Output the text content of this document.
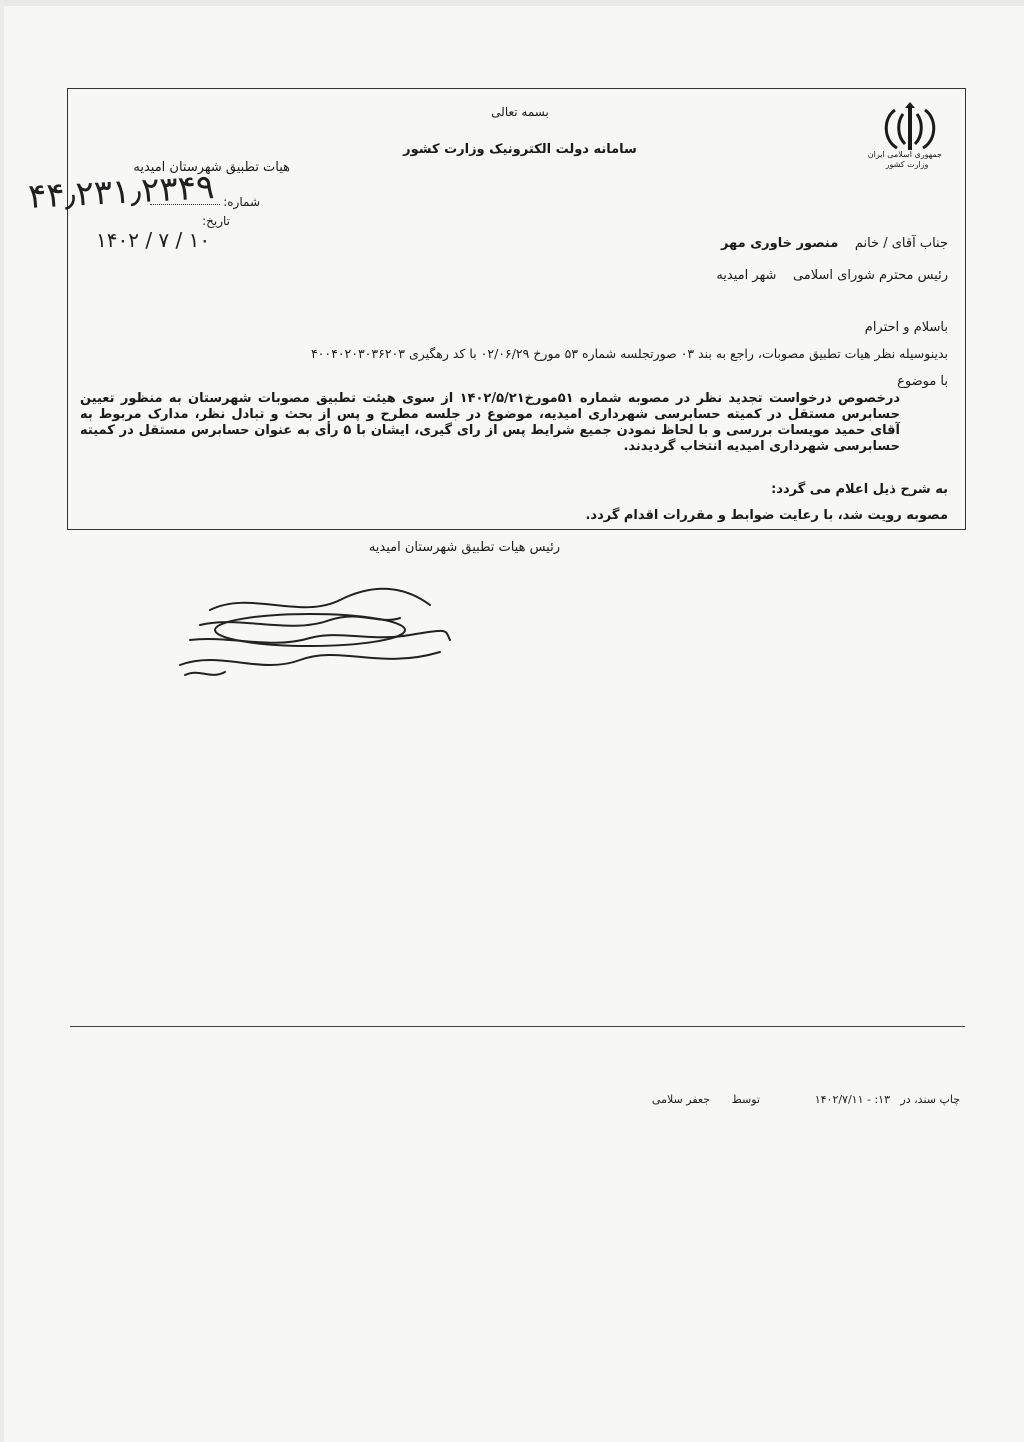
بسمه تعالی
سامانه دولت الکترونیک وزارت کشور	جمهوری اسلامی ایران
وزارت کشور
هیات تطبیق شهرستان امیدیه
شماره:
تاریخ:
۴۴٫۲۳۱٫۲۳۴۹
۱۴۰۲ / ۷ / ۱۰	جناب آقای / خانم    منصور خاوری مهر
رئیس محترم شورای اسلامی    شهر امیدیه
باسلام و احترام
بدینوسیله نظر هیات تطبیق مصوبات، راجع به بند ۰۳ صورتجلسه شماره ۵۳ مورخ ۰۲/۰۶/۲۹ با کد رهگیری ۴۰۰۴۰۲۰۳۰۳۶۲۰۳
با موضوع
درخصوص درخواست تجدید نظر در مصوبه شماره ۵۱مورخ۱۴۰۲/۵/۲۱ از سوی هیئت تطبیق مصوبات شهرستان به منظور تعیین حسابرس مستقل در کمیته حسابرسی شهرداری امیدیه، موضوع در جلسه مطرح و پس از بحث و تبادل نظر، مدارک مربوط به آقای حمید مویسات بررسی و با لحاظ نمودن جمیع شرایط پس از رای گیری، ایشان با ۵ رأی به عنوان حسابرس مستقل در کمیته حسابرسی شهرداری امیدیه انتخاب گردیدند.
به شرح ذیل اعلام می گردد:
مصوبه رویت شد، با رعایت ضوابط و مقررات اقدام گردد.
رئیس هیات تطبیق شهرستان امیدیه
چاپ سند، در
۱۳: - ۱۴۰۲/۷/۱۱
توسط
جعفر سلامی
